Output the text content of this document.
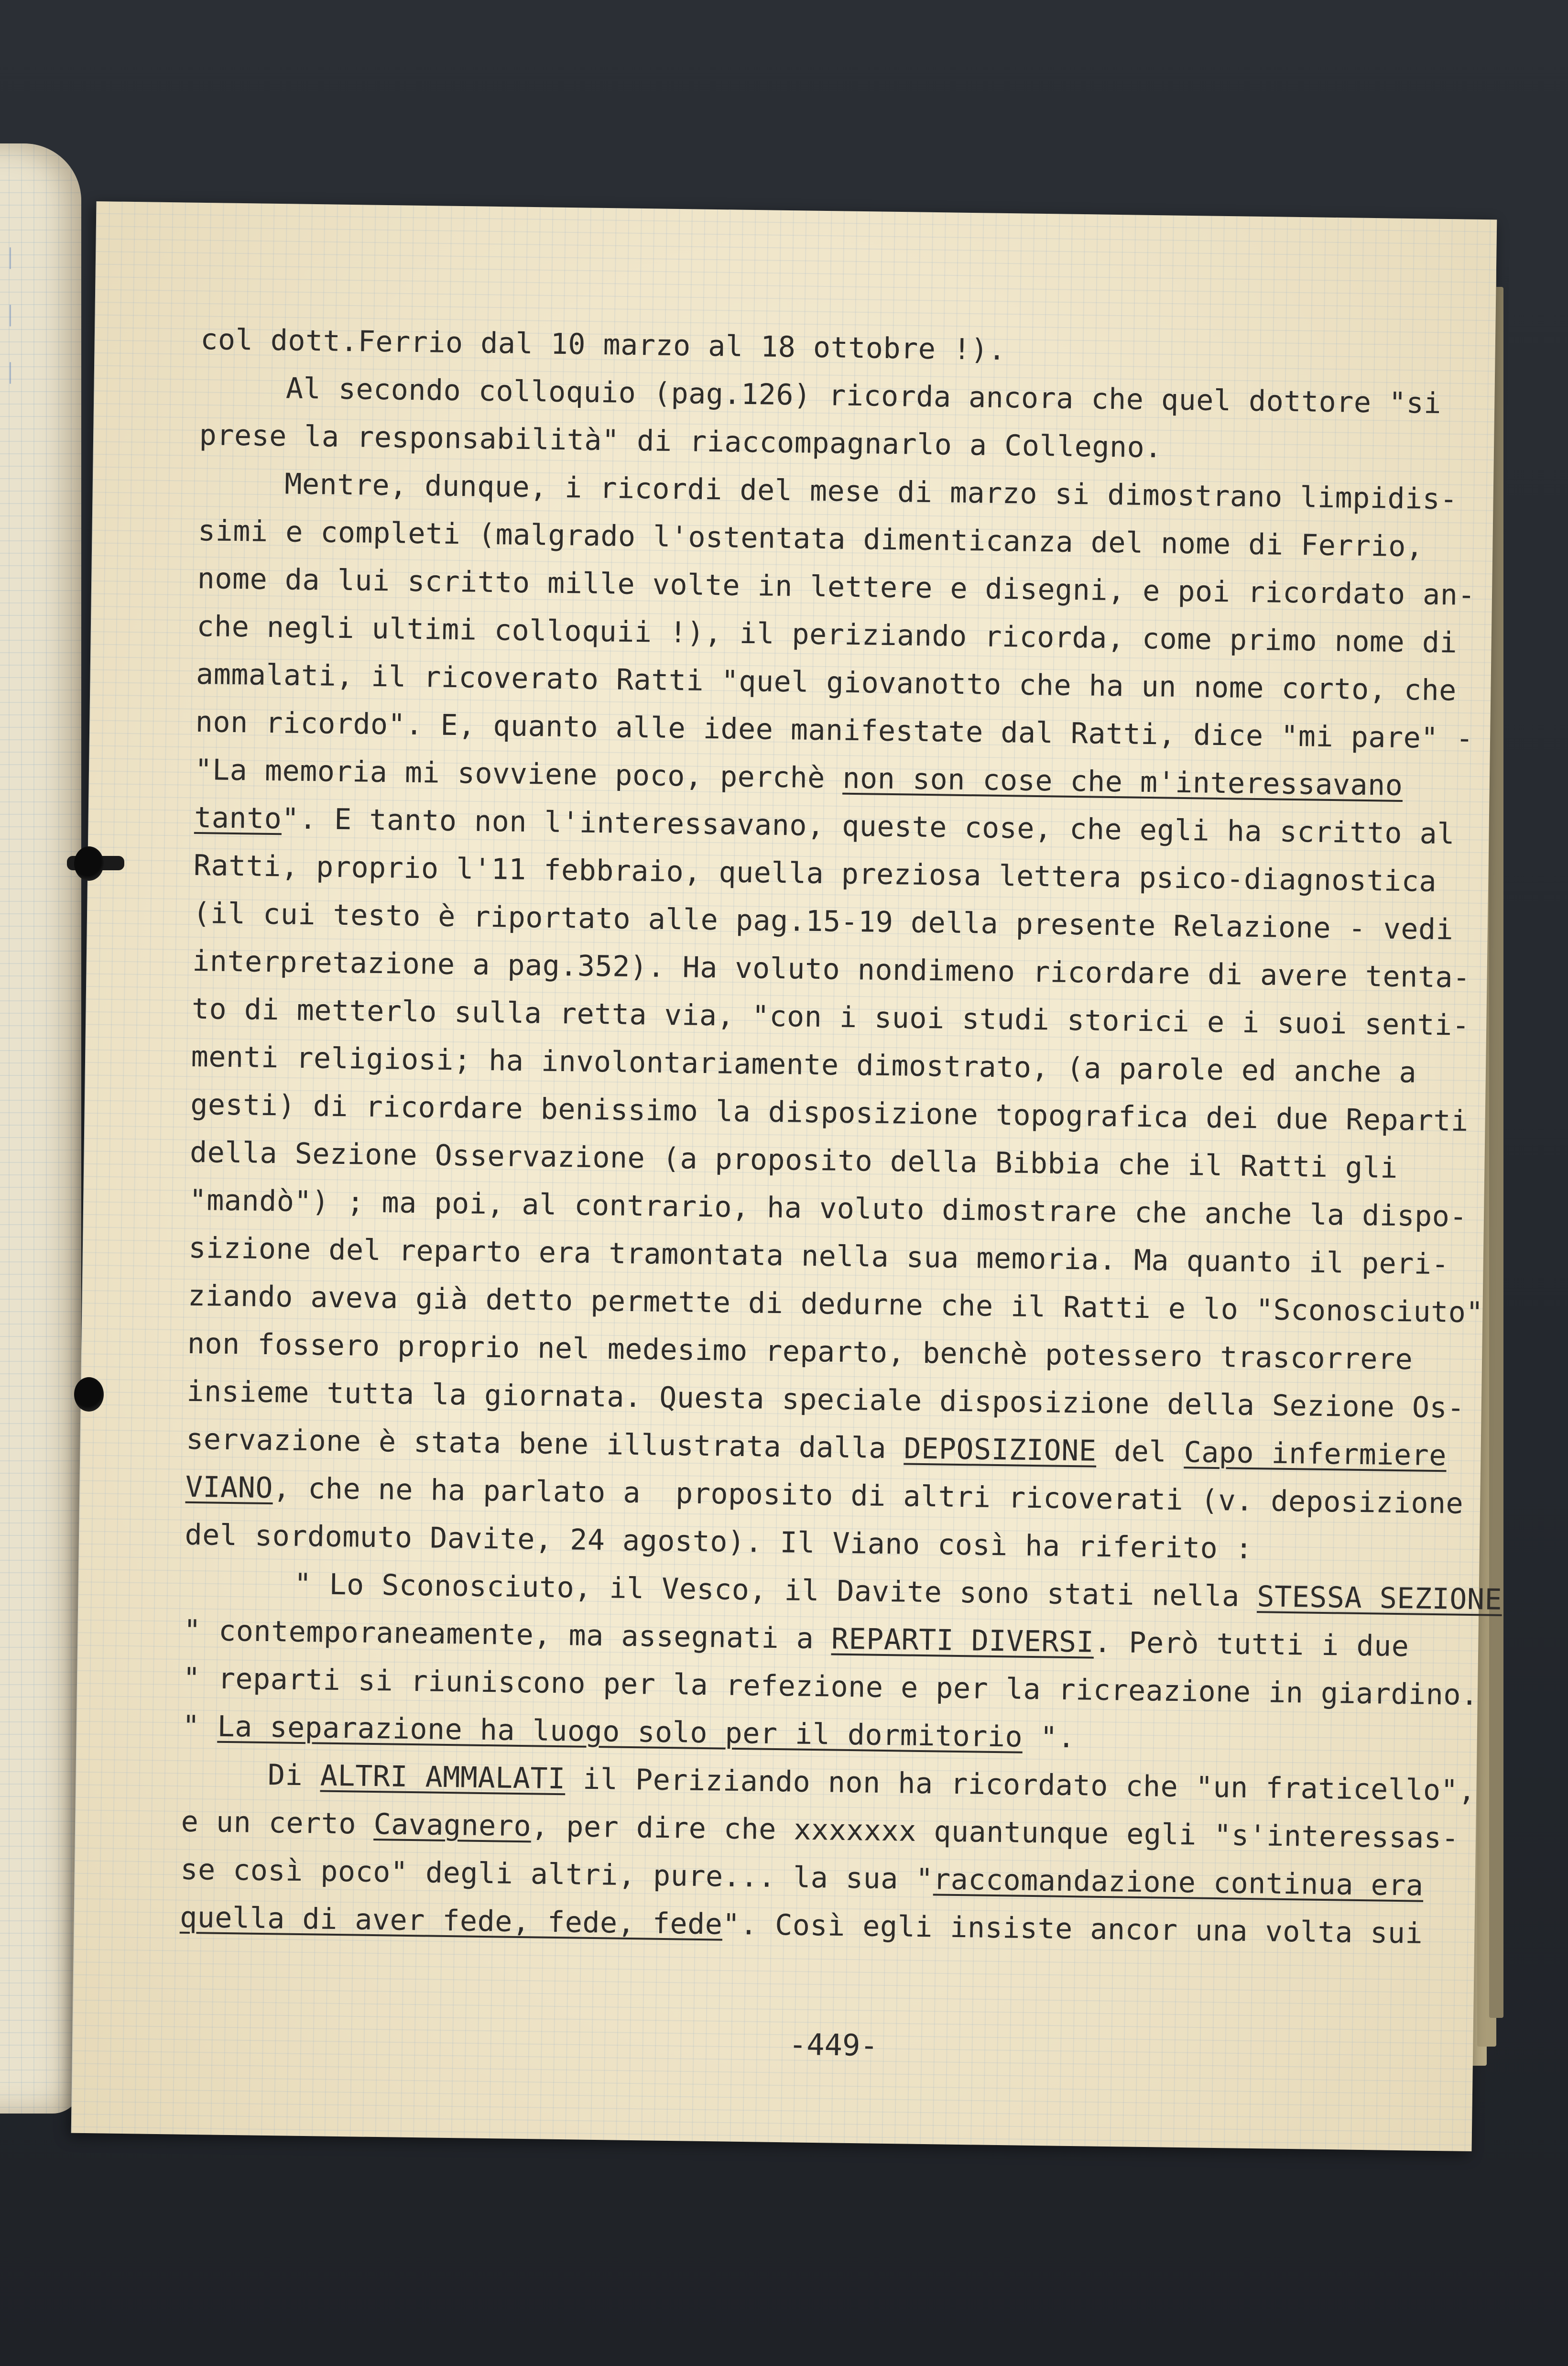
│
│
│
col dott.Ferrio dal 10 marzo al 18 ottobre !).
Al secondo colloquio (pag.126) ricorda ancora che quel dottore "si
prese la responsabilità" di riaccompagnarlo a Collegno.
Mentre, dunque, i ricordi del mese di marzo si dimostrano limpidis-
simi e completi (malgrado l'ostentata dimenticanza del nome di Ferrio,
nome da lui scritto mille volte in lettere e disegni, e poi ricordato an-
che negli ultimi colloquii !), il periziando ricorda, come primo nome di
ammalati, il ricoverato Ratti "quel giovanotto che ha un nome corto, che
non ricordo". E, quanto alle idee manifestate dal Ratti, dice "mi pare" -
"La memoria mi sovviene poco, perchè non son cose che m'interessavano
tanto". E tanto non l'interessavano, queste cose, che egli ha scritto al
Ratti, proprio l'11 febbraio, quella preziosa lettera psico-diagnostica
(il cui testo è riportato alle pag.15-19 della presente Relazione - vedi
interpretazione a pag.352). Ha voluto nondimeno ricordare di avere tenta-
to di metterlo sulla retta via, "con i suoi studi storici e i suoi senti-
menti religiosi; ha involontariamente dimostrato, (a parole ed anche a
gesti) di ricordare benissimo la disposizione topografica dei due Reparti
della Sezione Osservazione (a proposito della Bibbia che il Ratti gli
"mandò") ; ma poi, al contrario, ha voluto dimostrare che anche la dispo-
sizione del reparto era tramontata nella sua memoria. Ma quanto il peri-
ziando aveva già detto permette di dedurne che il Ratti e lo "Sconosciuto"
non fossero proprio nel medesimo reparto, benchè potessero trascorrere
insieme tutta la giornata. Questa speciale disposizione della Sezione Os-
servazione è stata bene illustrata dalla DEPOSIZIONE del Capo infermiere
VIANO, che ne ha parlato a  proposito di altri ricoverati (v. deposizione
del sordomuto Davite, 24 agosto). Il Viano così ha riferito :
" Lo Sconosciuto, il Vesco, il Davite sono stati nella STESSA SEZIONE
" contemporaneamente, ma assegnati a REPARTI DIVERSI. Però tutti i due
" reparti si riuniscono per la refezione e per la ricreazione in giardino.
" La separazione ha luogo solo per il dormitorio ".
Di ALTRI AMMALATI il Periziando non ha ricordato che "un fraticello",
e un certo Cavagnero, per dire che xxxxxxx quantunque egli "s'interessas-
se così poco" degli altri, pure... la sua "raccomandazione continua era
quella di aver fede, fede, fede". Così egli insiste ancor una volta sui
-449-
